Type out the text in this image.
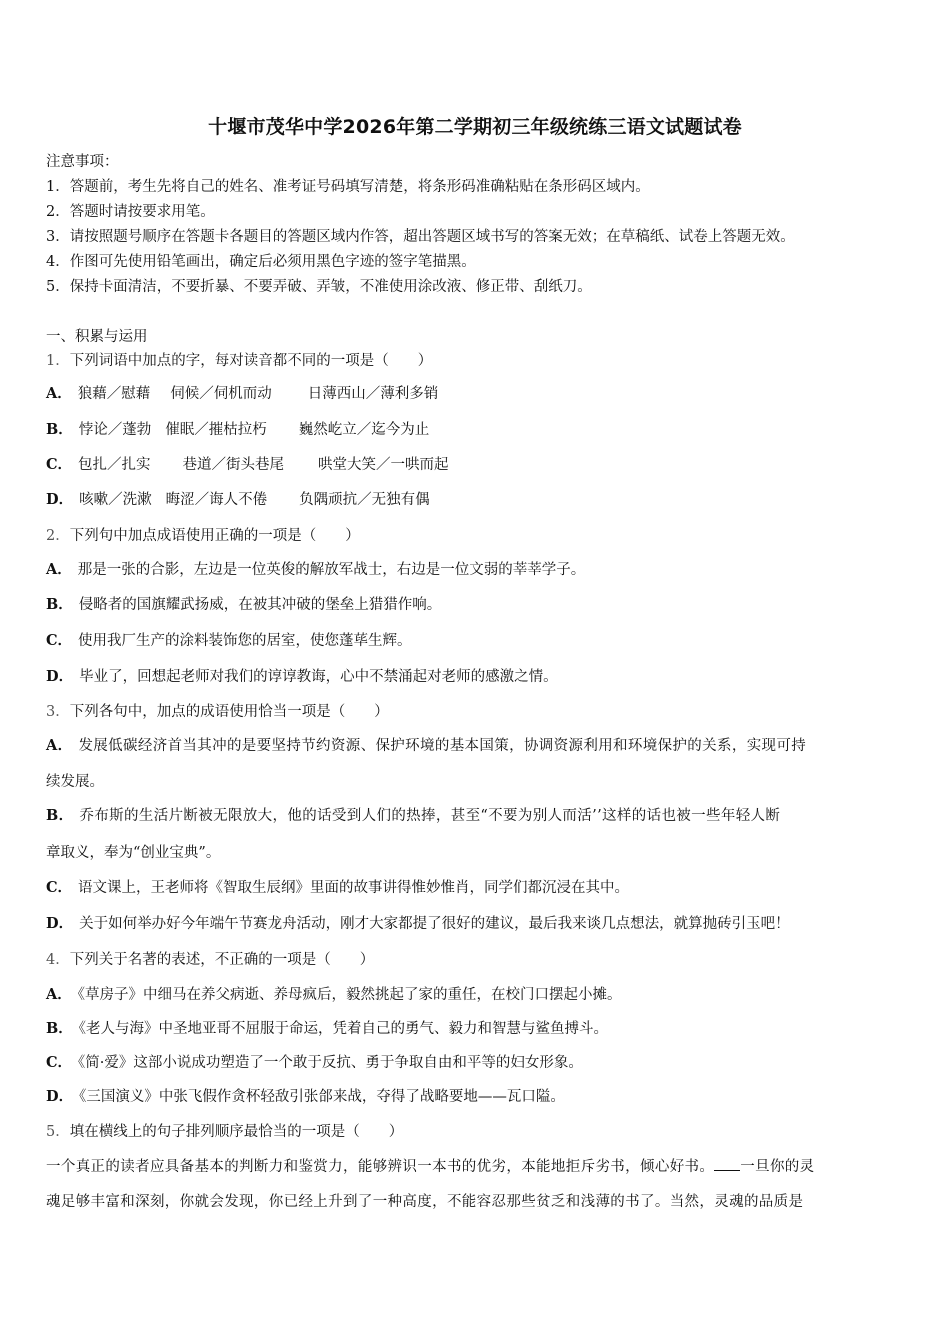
十堰市茂华中学2026年第二学期初三年级统练三语文试题试卷
注意事项：
1．答题前，考生先将自己的姓名、准考证号码填写清楚，将条形码准确粘贴在条形码区域内。
2．答题时请按要求用笔。
3．请按照题号顺序在答题卡各题目的答题区域内作答，超出答题区域书写的答案无效；在草稿纸、试卷上答题无效。
4．作图可先使用铅笔画出，确定后必须用黑色字迹的签字笔描黑。
5．保持卡面清洁，不要折暴、不要弄破、弄皱，不准使用涂改液、修正带、刮纸刀。
一、积累与运用
1．下列词语中加点的字，每对读音都不同的一项是（　　）
A． 狼藉／慰藉 伺候／伺机而动 日薄西山／薄利多销
B． 悖论／蓬勃 催眠／摧枯拉朽 巍然屹立／迄今为止
C． 包扎／扎实 巷道／街头巷尾 哄堂大笑／一哄而起
D． 咳嗽／洗漱 晦涩／诲人不倦 负隅顽抗／无独有偶
2．下列句中加点成语使用正确的一项是（　　）
A． 那是一张的合影，左边是一位英俊的解放军战士，右边是一位文弱的莘莘学子。
B． 侵略者的国旗耀武扬威，在被其冲破的堡垒上猎猎作响。
C． 使用我厂生产的涂料装饰您的居室，使您蓬荜生辉。
D． 毕业了，回想起老师对我们的谆谆教诲，心中不禁涌起对老师的感激之情。
3．下列各句中，加点的成语使用恰当一项是（　　）
A． 发展低碳经济首当其冲的是要坚持节约资源、保护环境的基本国策，协调资源利用和环境保护的关系，实现可持
续发展。
B． 乔布斯的生活片断被无限放大，他的话受到人们的热捧，甚至“不要为别人而活’’这样的话也被一些年轻人断
章取义，奉为“创业宝典”。
C． 语文课上，王老师将《智取生辰纲》里面的故事讲得惟妙惟肖，同学们都沉浸在其中。
D． 关于如何举办好今年端午节赛龙舟活动，刚才大家都提了很好的建议，最后我来谈几点想法，就算抛砖引玉吧！
4．下列关于名著的表述，不正确的一项是（　　）
A． 《草房子》中细马在养父病逝、养母疯后，毅然挑起了家的重任，在校门口摆起小摊。
B． 《老人与海》中圣地亚哥不屈服于命运，凭着自己的勇气、毅力和智慧与鲨鱼搏斗。
C． 《简·爱》这部小说成功塑造了一个敢于反抗、勇于争取自由和平等的妇女形象。
D． 《三国演义》中张飞假作贪杯轻敌引张郃来战，夺得了战略要地——瓦口隘。
5．填在横线上的句子排列顺序最恰当的一项是（　　）
一个真正的读者应具备基本的判断力和鉴赏力，能够辨识一本书的优劣，本能地拒斥劣书，倾心好书。 一旦你的灵
魂足够丰富和深刻，你就会发现，你已经上升到了一种高度，不能容忍那些贫乏和浅薄的书了。当然，灵魂的品质是
